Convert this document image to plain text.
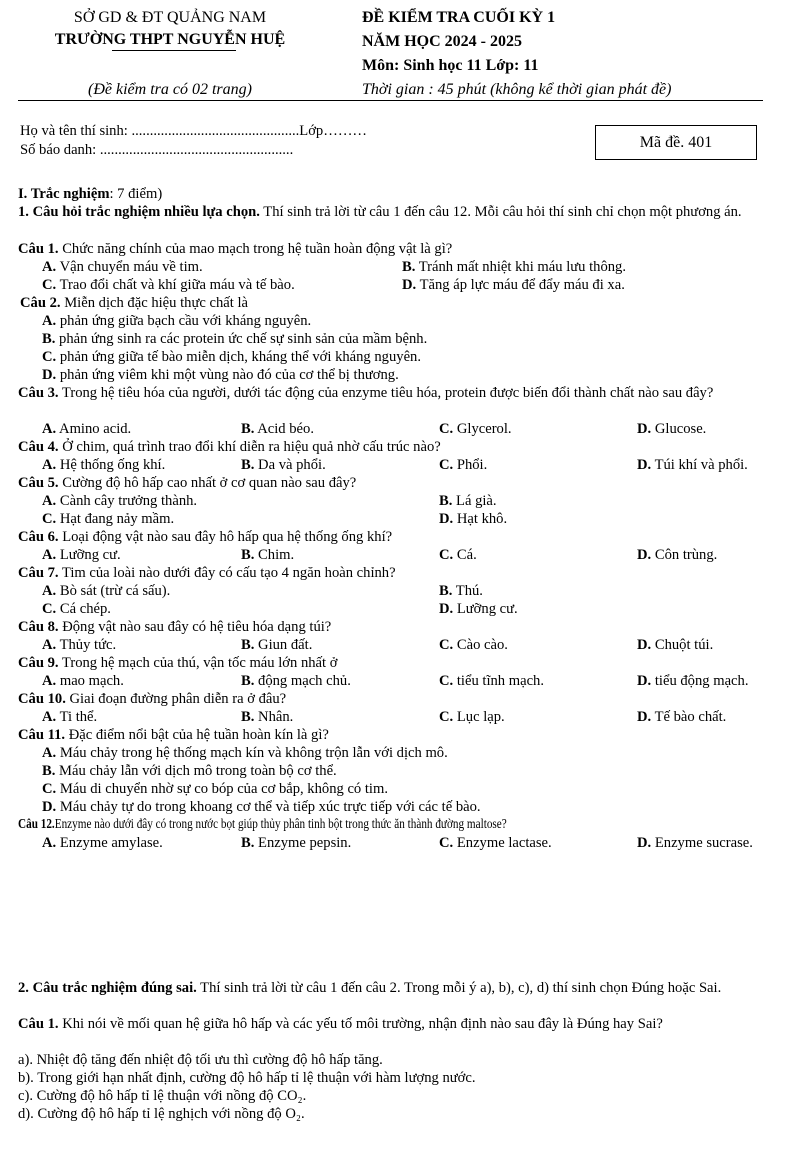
SỞ GD & ĐT QUẢNG NAM
TRƯỜNG THPT NGUYỄN HUỆ
(Đề kiểm tra có 02 trang)
ĐỀ KIỂM TRA CUỐI KỲ 1
NĂM HỌC 2024 - 2025
Môn: Sinh học 11 Lớp: 11
Thời gian : 45 phút (không kể thời gian phát đề)
Họ và tên thí sinh: ..............................................Lớp………
Số báo danh: .....................................................	Mã đề. 401
I. Trắc nghiệm: 7 điểm)
1. Câu hỏi trắc nghiệm nhiều lựa chọn. Thí sinh trả lời từ câu 1 đến câu 12. Mỗi câu hỏi thí sinh chỉ chọn một phương án.
Câu 1. Chức năng chính của mao mạch trong hệ tuần hoàn động vật là gì?
A. Vận chuyển máu về tim.	B. Tránh mất nhiệt khi máu lưu thông.
C. Trao đổi chất và khí giữa máu và tế bào.	D. Tăng áp lực máu để đẩy máu đi xa.
Câu 2. Miễn dịch đặc hiệu thực chất là
A. phản ứng giữa bạch cầu với kháng nguyên.
B. phản ứng sinh ra các protein ức chế sự sinh sản của mầm bệnh.
C. phản ứng giữa tế bào miễn dịch, kháng thể với kháng nguyên.
D. phản ứng viêm khi một vùng nào đó của cơ thể bị thương.
Câu 3. Trong hệ tiêu hóa của người, dưới tác động của enzyme tiêu hóa, protein được biến đổi thành chất nào sau đây?
A. Amino acid.	B. Acid béo.	C. Glycerol.	D. Glucose.
Câu 4. Ở chim, quá trình trao đổi khí diễn ra hiệu quả nhờ cấu trúc nào?
A. Hệ thống ống khí.	B. Da và phổi.	C. Phổi.	D. Túi khí và phổi.
Câu 5. Cường độ hô hấp cao nhất ở cơ quan nào sau đây?
A. Cành cây trưởng thành.	B. Lá già.
C. Hạt đang nảy mầm.	D. Hạt khô.
Câu 6. Loại động vật nào sau đây hô hấp qua hệ thống ống khí?
A. Lưỡng cư.	B. Chim.	C. Cá.	D. Côn trùng.
Câu 7. Tim của loài nào dưới đây có cấu tạo 4 ngăn hoàn chỉnh?
A. Bò sát (trừ cá sấu).	B. Thú.
C. Cá chép.	D. Lưỡng cư.
Câu 8. Động vật nào sau đây có hệ tiêu hóa dạng túi?
A. Thủy tức.	B. Giun đất.	C. Cào cào.	D. Chuột túi.
Câu 9. Trong hệ mạch của thú, vận tốc máu lớn nhất ở
A. mao mạch.	B. động mạch chủ.	C. tiểu tĩnh mạch.	D. tiểu động mạch.
Câu 10. Giai đoạn đường phân diễn ra ở đâu?
A. Ti thể.	B. Nhân.	C. Lục lạp.	D. Tế bào chất.
Câu 11. Đặc điểm nổi bật của hệ tuần hoàn kín là gì?
A. Máu chảy trong hệ thống mạch kín và không trộn lẫn với dịch mô.
B. Máu chảy lẫn với dịch mô trong toàn bộ cơ thể.
C. Máu di chuyển nhờ sự co bóp của cơ bắp, không có tim.
D. Máu chảy tự do trong khoang cơ thể và tiếp xúc trực tiếp với các tế bào.
Câu 12. Enzyme nào dưới đây có trong nước bọt giúp thủy phân tinh bột trong thức ăn thành đường maltose?
A. Enzyme amylase.	B. Enzyme pepsin.	C. Enzyme lactase.	D. Enzyme sucrase.
2. Câu trắc nghiệm đúng sai. Thí sinh trả lời từ câu 1 đến câu 2. Trong mỗi ý a), b), c), d) thí sinh chọn Đúng hoặc Sai.
Câu 1. Khi nói về mối quan hệ giữa hô hấp và các yếu tố môi trường, nhận định nào sau đây là Đúng hay Sai?
a). Nhiệt độ tăng đến nhiệt độ tối ưu thì cường độ hô hấp tăng.
b). Trong giới hạn nhất định, cường độ hô hấp tỉ lệ thuận với hàm lượng nước.
c). Cường độ hô hấp tỉ lệ thuận với nồng độ CO₂.
d). Cường độ hô hấp tỉ lệ nghịch với nồng độ O₂.
